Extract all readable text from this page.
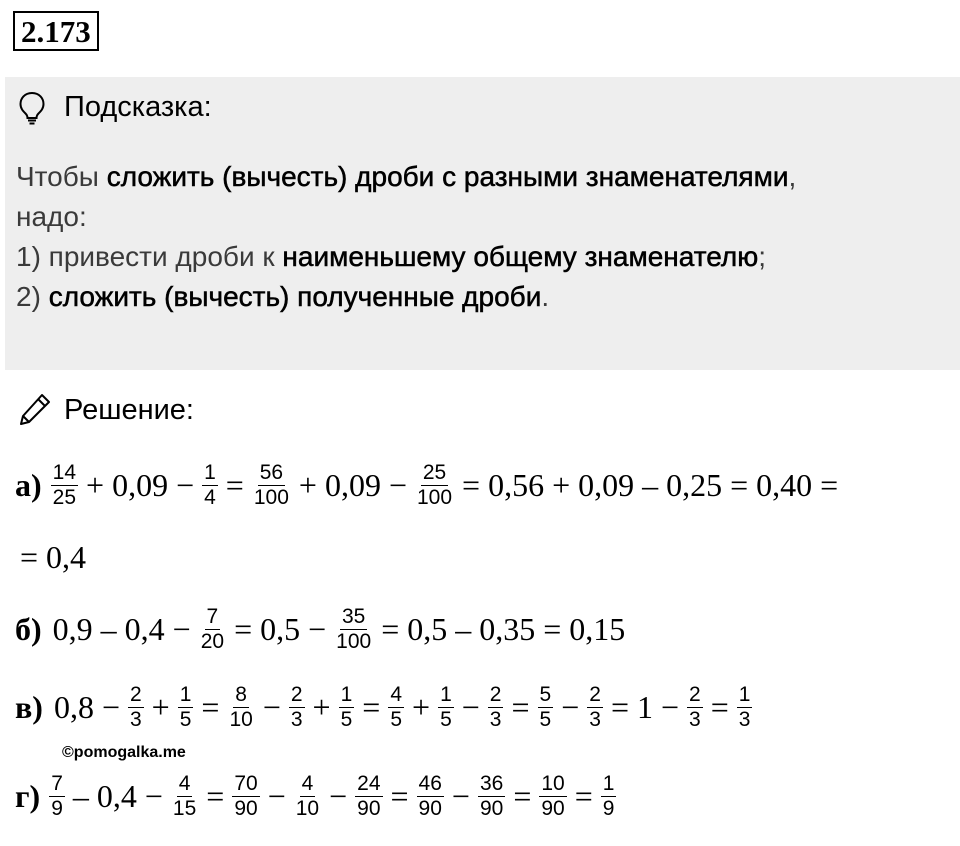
2.173
Подсказка:
Чтобы сложить (вычесть) дроби с разными знаменателями,
надо:
1) привести дроби к наименьшему общему знаменателю;
2) сложить (вычесть) полученные дроби.
Решение:
$а) \frac{14}{25} + 0,09 - \frac{1}{4} = \frac{56}{100} + 0,09 - \frac{25}{100} = 0,56 + 0,09 - 0,25 = 0,40$ =
= 0,4
б) $0,9 - 0,4 - \frac{7}{20} = 0,5 - \frac{35}{100} = 0,5 - 0,35 = 0,15$
в) $0,8 - \frac{2}{3} + \frac{1}{5} = \frac{8}{10} - \frac{2}{3} + \frac{1}{5} = \frac{4}{5} + \frac{1}{5} - \frac{2}{3} = \frac{5}{5} - \frac{2}{3} = 1 - \frac{2}{3} = \frac{1}{3}$
$г) \frac{7}{9} - 0,4 - \frac{4}{15} = \frac{70}{90} - \frac{4}{10} - \frac{24}{90} = \frac{46}{90} - \frac{36}{90} = \frac{10}{90} = \frac{1}{9}$
©pomogalka.me
